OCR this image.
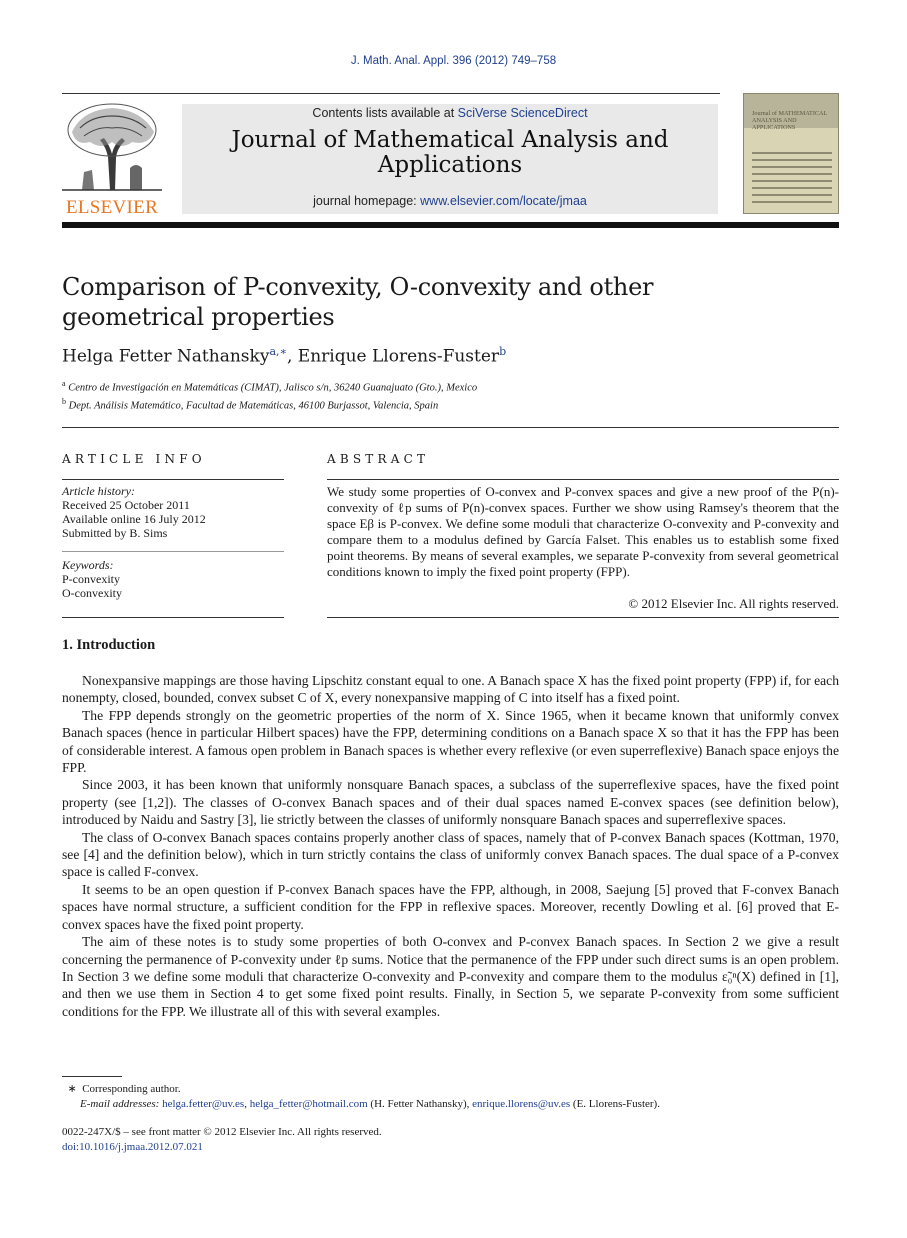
J. Math. Anal. Appl. 396 (2012) 749–758
ELSEVIER
Contents lists available at SciVerse ScienceDirect
Journal of Mathematical Analysis and Applications
journal homepage: www.elsevier.com/locate/jmaa
Journal of MATHEMATICAL ANALYSIS AND APPLICATIONS
Comparison of P-convexity, O-convexity and other geometrical properties
Helga Fetter Nathansky$^{a,∗}$, Enrique Llorens-Fuster$^b$
$^a$ Centro de Investigación en Matemáticas (CIMAT), Jalisco s/n, 36240 Guanajuato (Gto.), Mexico
$^b$ Dept. Análisis Matemático, Facultad de Matemáticas, 46100 Burjassot, Valencia, Spain
ARTICLE INFO	ABSTRACT
Article history:
Received 25 October 2011
Available online 16 July 2012
Submitted by B. Sims
Keywords:
P-convexity
O-convexity
We study some properties of O-convex and P-convex spaces and give a new proof of the P(n)-convexity of ℓp sums of P(n)-convex spaces. Further we show using Ramsey's theorem that the space Eβ is P-convex. We define some moduli that characterize O-convexity and P-convexity and compare them to a modulus defined by García Falset. This enables us to establish some fixed point theorems. By means of several examples, we separate P-convexity from several geometrical conditions known to imply the fixed point property (FPP).
© 2012 Elsevier Inc. All rights reserved.
1. Introduction

Nonexpansive mappings are those having Lipschitz constant equal to one. A Banach space X has the fixed point property (FPP) if, for each nonempty, closed, bounded, convex subset C of X, every nonexpansive mapping of C into itself has a fixed point.

The FPP depends strongly on the geometric properties of the norm of X. Since 1965, when it became known that uniformly convex Banach spaces (hence in particular Hilbert spaces) have the FPP, determining conditions on a Banach space X so that it has the FPP has been of considerable interest. A famous open problem in Banach spaces is whether every reflexive (or even superreflexive) Banach space enjoys the FPP.

Since 2003, it has been known that uniformly nonsquare Banach spaces, a subclass of the superreflexive spaces, have the fixed point property (see [1,2]). The classes of O-convex Banach spaces and of their dual spaces named E-convex spaces (see definition below), introduced by Naidu and Sastry [3], lie strictly between the classes of uniformly nonsquare Banach spaces and superreflexive spaces.

The class of O-convex Banach spaces contains properly another class of spaces, namely that of P-convex Banach spaces (Kottman, 1970, see [4] and the definition below), which in turn strictly contains the class of uniformly convex Banach spaces. The dual space of a P-convex space is called F-convex.

It seems to be an open question if P-convex Banach spaces have the FPP, although, in 2008, Saejung [5] proved that F-convex Banach spaces have normal structure, a sufficient condition for the FPP in reflexive spaces. Moreover, recently Dowling et al. [6] proved that E-convex spaces have the fixed point property.

The aim of these notes is to study some properties of both O-convex and P-convex Banach spaces. In Section 2 we give a result concerning the permanence of P-convexity under ℓp sums. Notice that the permanence of the FPP under such direct sums is an open problem. In Section 3 we define some moduli that characterize O-convexity and P-convexity and compare them to the modulus ε̃₀ⁿ(X) defined in [1], and then we use them in Section 4 to get some fixed point results. Finally, in Section 5, we separate P-convexity from some sufficient conditions for the FPP. We illustrate all of this with several examples.

∗ Corresponding author.
E-mail addresses: helga.fetter@uv.es, helga_fetter@hotmail.com (H. Fetter Nathansky), enrique.llorens@uv.es (E. Llorens-Fuster).
0022-247X/$ – see front matter © 2012 Elsevier Inc. All rights reserved.
doi:10.1016/j.jmaa.2012.07.021
